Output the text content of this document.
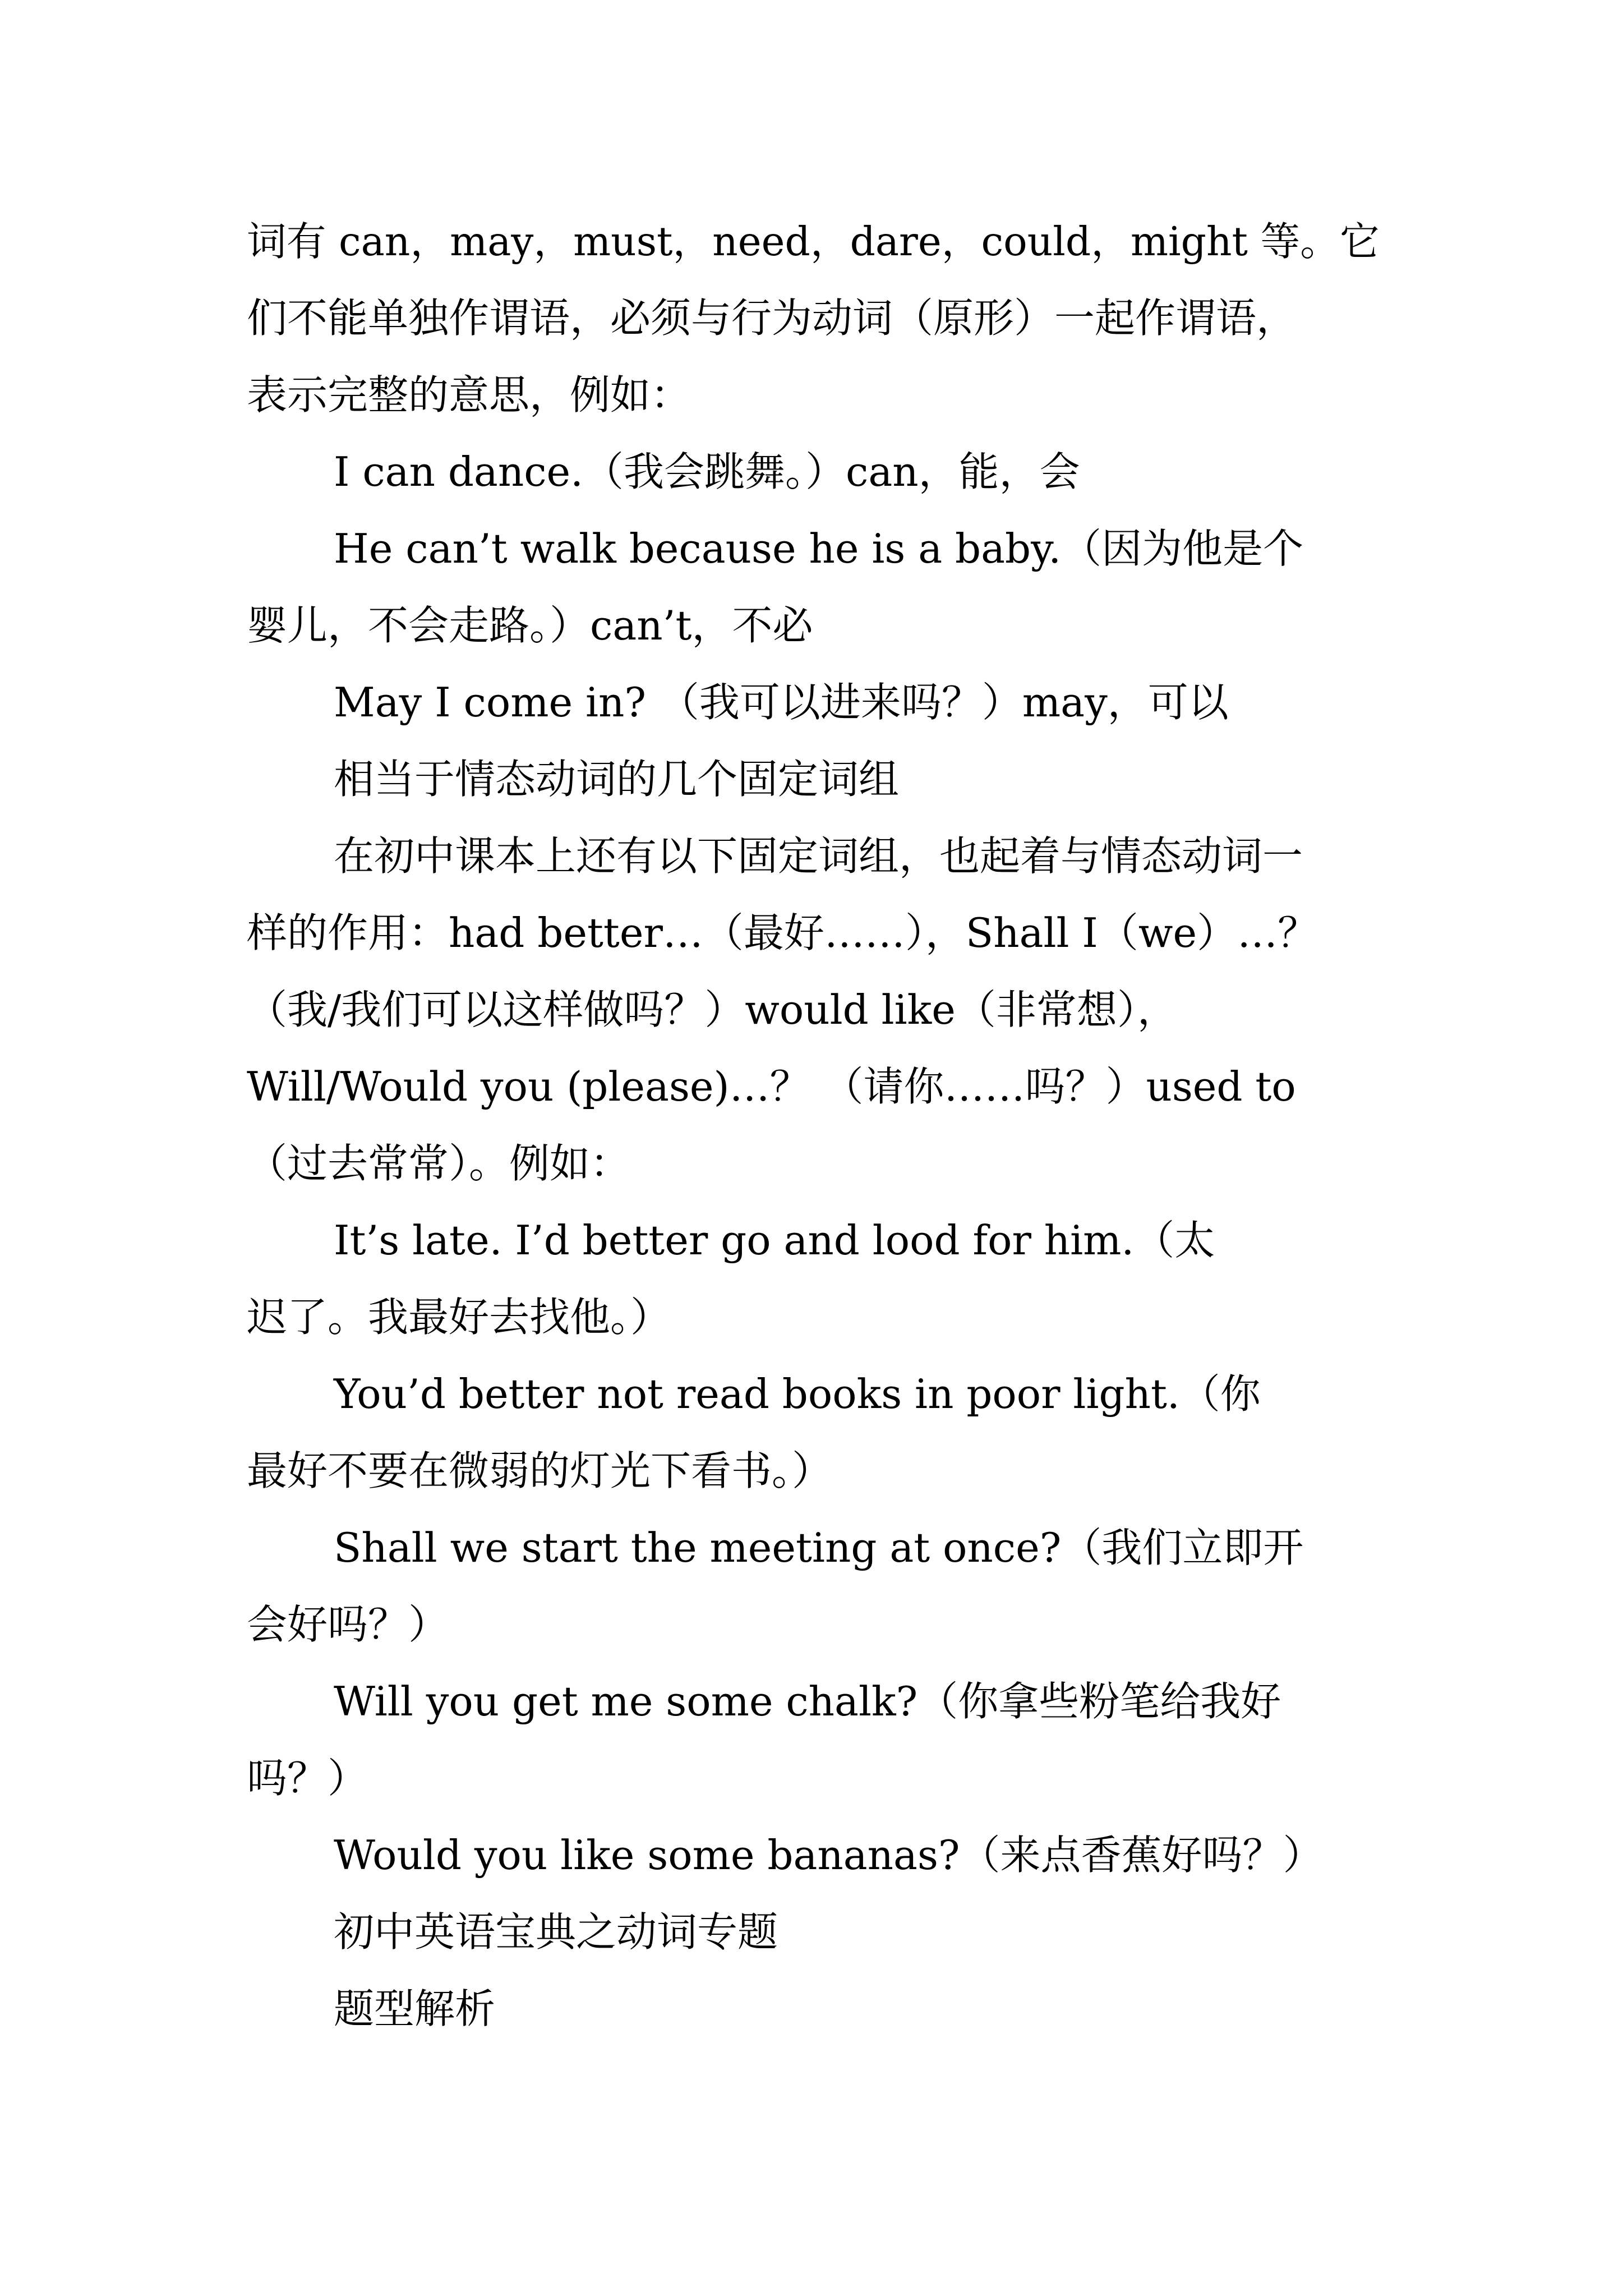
词有 can，may，must，need，dare，could，might 等。它

们不能单独作谓语，必须与行为动词（原形）一起作谓语，

表示完整的意思，例如：

I can dance.（我会跳舞。）can，能，会

He can’t walk because he is a baby.（因为他是个

婴儿，不会走路。）can’t，不必

May I come in? （我可以进来吗？）may，可以

相当于情态动词的几个固定词组

在初中课本上还有以下固定词组，也起着与情态动词一

样的作用：had better…（最好……），Shall I（we）…？

（我/我们可以这样做吗？）would like（非常想），

Will/Would you (please)…？ （请你……吗？）used to

（过去常常）。例如：

It’s late. I’d better go and lood for him.（太

迟了。我最好去找他。）

You’d better not read books in poor light.（你

最好不要在微弱的灯光下看书。）

Shall we start the meeting at once?（我们立即开

会好吗？）

Will you get me some chalk?（你拿些粉笔给我好

吗？）

Would you like some bananas?（来点香蕉好吗？）

初中英语宝典之动词专题

题型解析
